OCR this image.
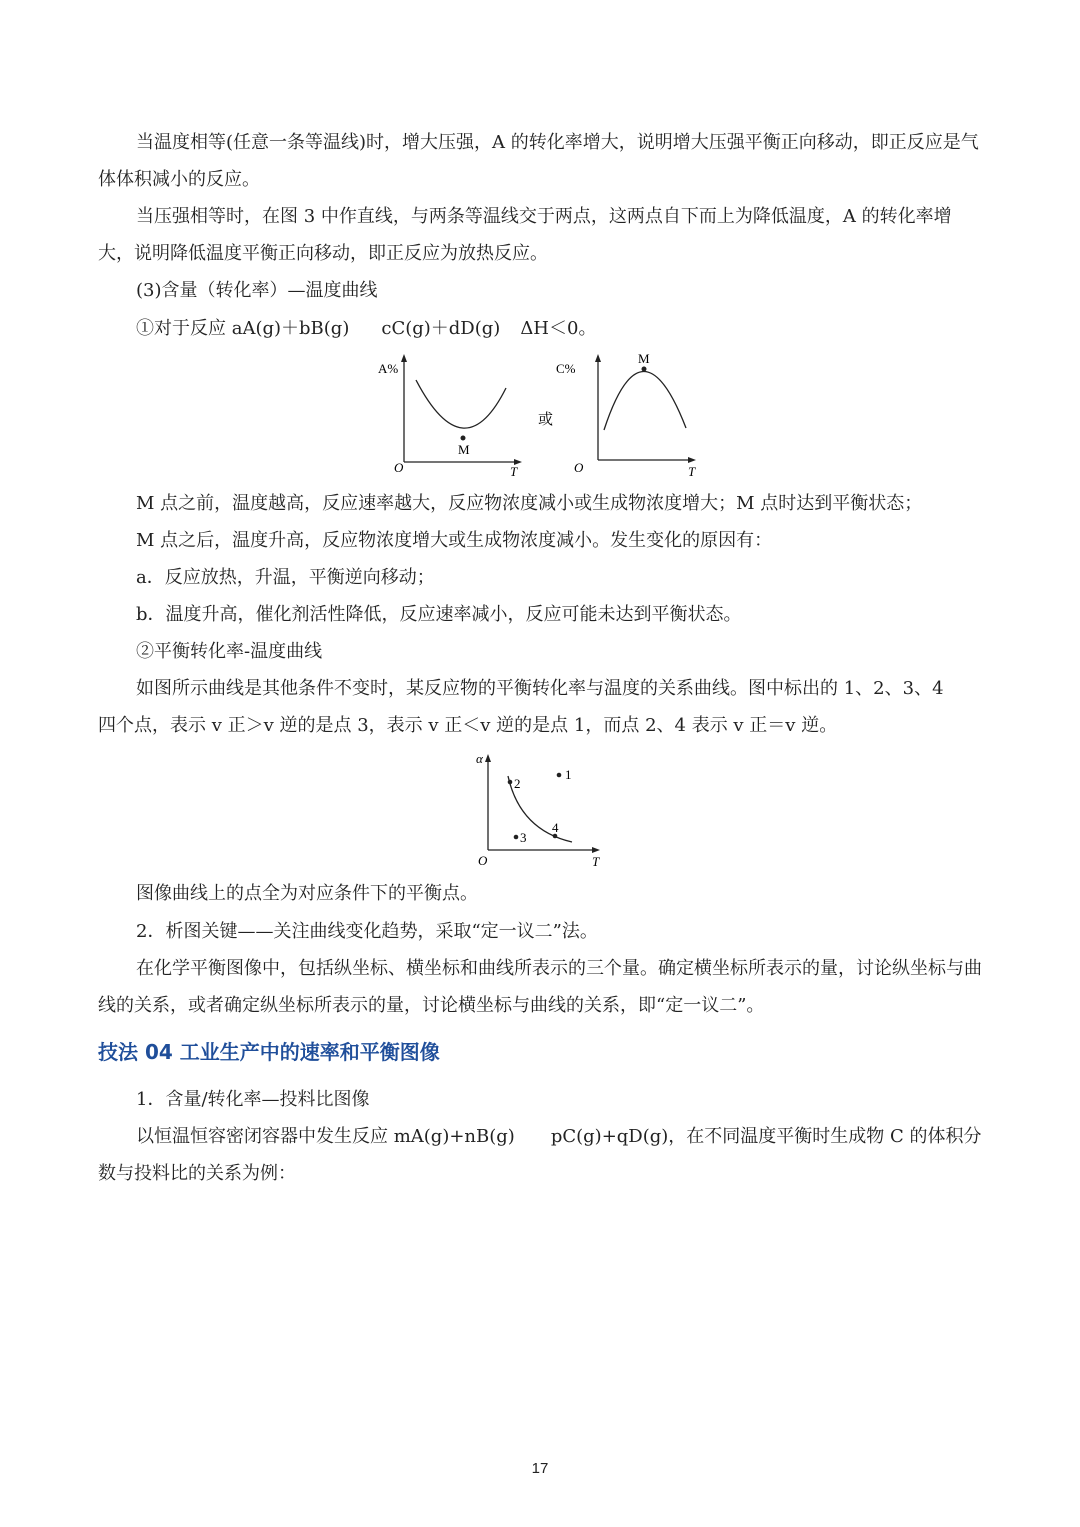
当温度相等(任意一条等温线)时，增大压强，A 的转化率增大，说明增大压强平衡正向移动，即正反应是气体体积减小的反应。

当压强相等时，在图 3 中作直线，与两条等温线交于两点，这两点自下而上为降低温度，A 的转化率增大，说明降低温度平衡正向移动，即正反应为放热反应。

(3)含量（转化率）—温度曲线

①对于反应 aA(g)＋bB(g) cC(g)＋dD(g) ΔH＜0。

A%
O	T
M
或
C%
O	T
M

M 点之前，温度越高，反应速率越大，反应物浓度减小或生成物浓度增大；M 点时达到平衡状态；

M 点之后，温度升高，反应物浓度增大或生成物浓度减小。发生变化的原因有：

a．反应放热，升温，平衡逆向移动；

b．温度升高，催化剂活性降低，反应速率减小，反应可能未达到平衡状态。

②平衡转化率-温度曲线

如图所示曲线是其他条件不变时，某反应物的平衡转化率与温度的关系曲线。图中标出的 1、2、3、4

四个点，表示 v 正＞v 逆的是点 3，表示 v 正＜v 逆的是点 1，而点 2、4 表示 v 正＝v 逆。

α
O	T
1
2
3
4

图像曲线上的点全为对应条件下的平衡点。

2．析图关键——关注曲线变化趋势，采取“定一议二”法。

在化学平衡图像中，包括纵坐标、横坐标和曲线所表示的三个量。确定横坐标所表示的量，讨论纵坐标与曲线的关系，或者确定纵坐标所表示的量，讨论横坐标与曲线的关系，即“定一议二”。

技法 04 工业生产中的速率和平衡图像

1．含量/转化率—投料比图像

以恒温恒容密闭容器中发生反应 mA(g)+nB(g) pC(g)+qD(g)，在不同温度平衡时生成物 C 的体积分

数与投料比的关系为例：

17
